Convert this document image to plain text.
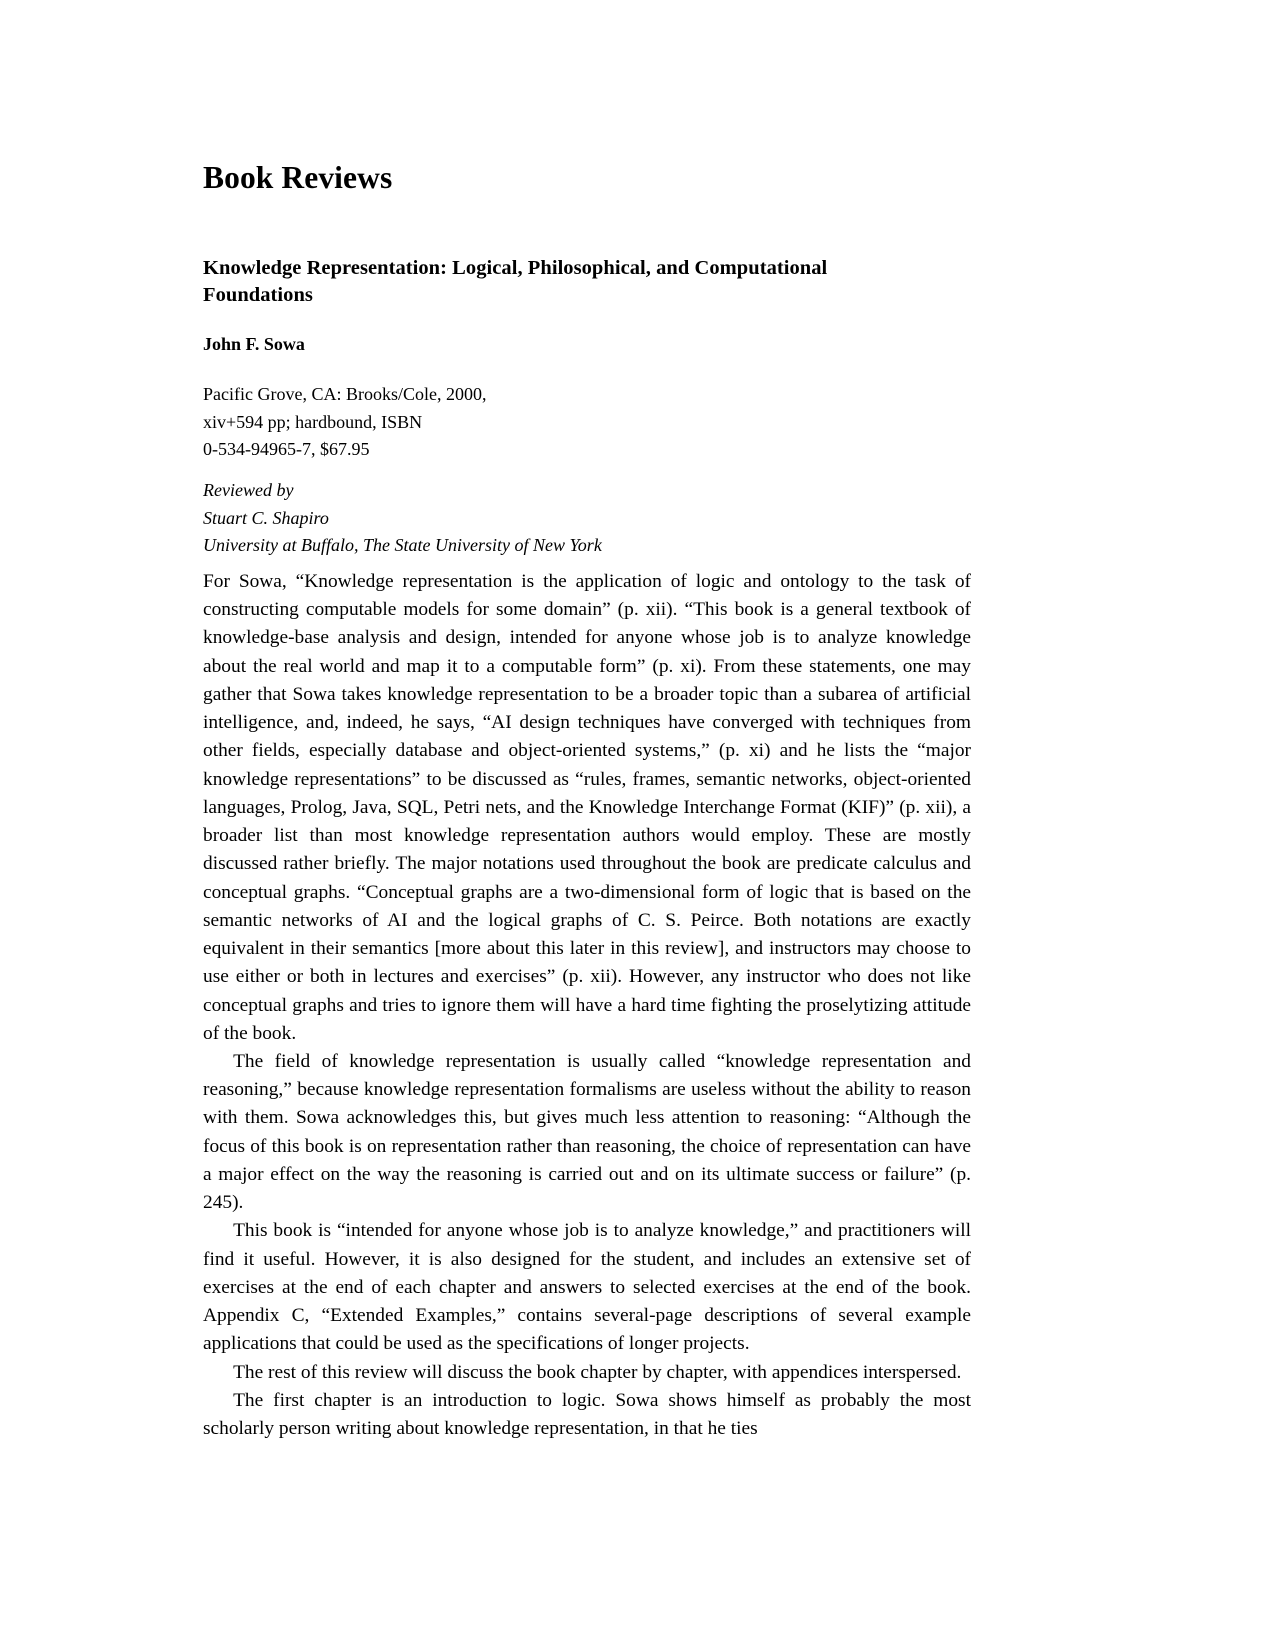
Book Reviews
Knowledge Representation: Logical, Philosophical, and Computational Foundations
John F. Sowa
Pacific Grove, CA: Brooks/Cole, 2000,
xiv+594 pp; hardbound, ISBN
0-534-94965-7, $67.95
Reviewed by
Stuart C. Shapiro
University at Buffalo, The State University of New York

For Sowa, “Knowledge representation is the application of logic and ontology to the task of constructing computable models for some domain” (p. xii). “This book is a general textbook of knowledge-base analysis and design, intended for anyone whose job is to analyze knowledge about the real world and map it to a computable form” (p. xi). From these statements, one may gather that Sowa takes knowledge representation to be a broader topic than a subarea of artificial intelligence, and, indeed, he says, “AI design techniques have converged with techniques from other fields, especially database and object-oriented systems,” (p. xi) and he lists the “major knowledge representations” to be discussed as “rules, frames, semantic networks, object-oriented languages, Prolog, Java, SQL, Petri nets, and the Knowledge Interchange Format (KIF)” (p. xii), a broader list than most knowledge representation authors would employ. These are mostly discussed rather briefly. The major notations used throughout the book are predicate calculus and conceptual graphs. “Conceptual graphs are a two-dimensional form of logic that is based on the semantic networks of AI and the logical graphs of C. S. Peirce. Both notations are exactly equivalent in their semantics [more about this later in this review], and instructors may choose to use either or both in lectures and exercises” (p. xii). However, any instructor who does not like conceptual graphs and tries to ignore them will have a hard time fighting the proselytizing attitude of the book.

The field of knowledge representation is usually called “knowledge representation and reasoning,” because knowledge representation formalisms are useless without the ability to reason with them. Sowa acknowledges this, but gives much less attention to reasoning: “Although the focus of this book is on representation rather than reasoning, the choice of representation can have a major effect on the way the reasoning is carried out and on its ultimate success or failure” (p. 245).

This book is “intended for anyone whose job is to analyze knowledge,” and practitioners will find it useful. However, it is also designed for the student, and includes an extensive set of exercises at the end of each chapter and answers to selected exercises at the end of the book. Appendix C, “Extended Examples,” contains several-page descriptions of several example applications that could be used as the specifications of longer projects.

The rest of this review will discuss the book chapter by chapter, with appendices interspersed.

The first chapter is an introduction to logic. Sowa shows himself as probably the most scholarly person writing about knowledge representation, in that he ties
